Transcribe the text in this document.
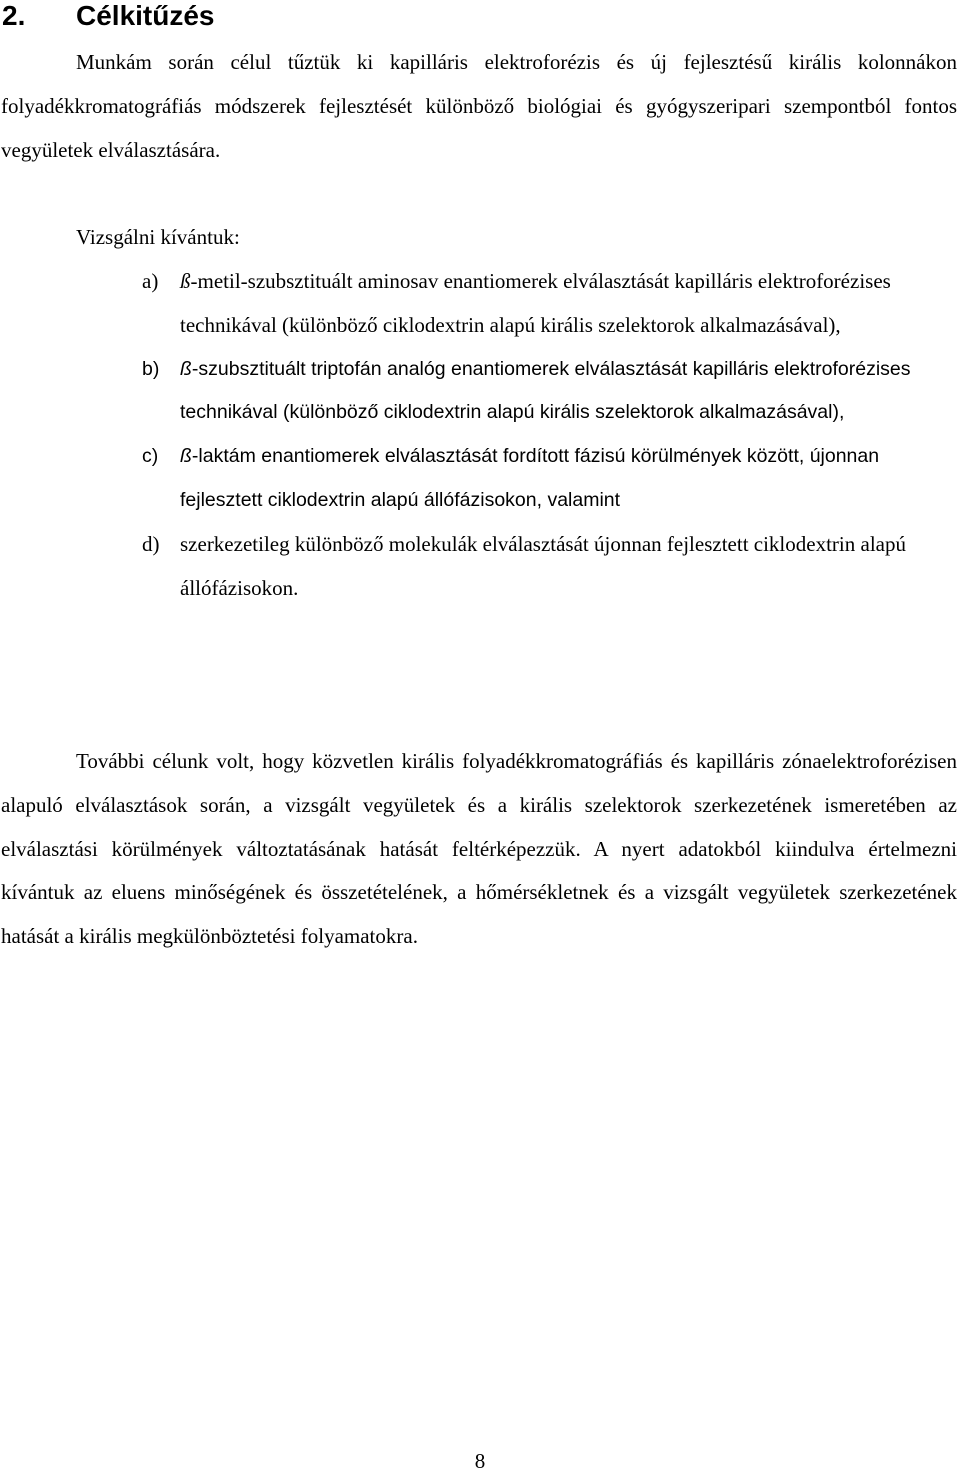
2. Célkitűzés

Munkám során célul tűztük ki kapilláris elektroforézis és új fejlesztésű királis kolonnákon folyadékkromatográfiás módszerek fejlesztését különböző biológiai és gyógyszeripari szempontból fontos vegyületek elválasztására.

Vizsgálni kívántuk:

a) ß-metil-szubsztituált aminosav enantiomerek elválasztását kapilláris elektroforézises technikával (különböző ciklodextrin alapú királis szelektorok alkalmazásával),
b) ß-szubsztituált triptofán analóg enantiomerek elválasztását kapilláris elektroforézises technikával (különböző ciklodextrin alapú királis szelektorok alkalmazásával),
c) ß-laktám enantiomerek elválasztását fordított fázisú körülmények között, újonnan fejlesztett ciklodextrin alapú állófázisokon, valamint
d) szerkezetileg különböző molekulák elválasztását újonnan fejlesztett ciklodextrin alapú állófázisokon.

További célunk volt, hogy közvetlen királis folyadékkromatográfiás és kapilláris zónaelektroforézisen alapuló elválasztások során, a vizsgált vegyületek és a királis szelektorok szerkezetének ismeretében az elválasztási körülmények változtatásának hatását feltérképezzük. A nyert adatokból kiindulva értelmezni kívántuk az eluens minőségének és összetételének, a hőmérsékletnek és a vizsgált vegyületek szerkezetének hatását a királis megkülönböztetési folyamatokra.

8
